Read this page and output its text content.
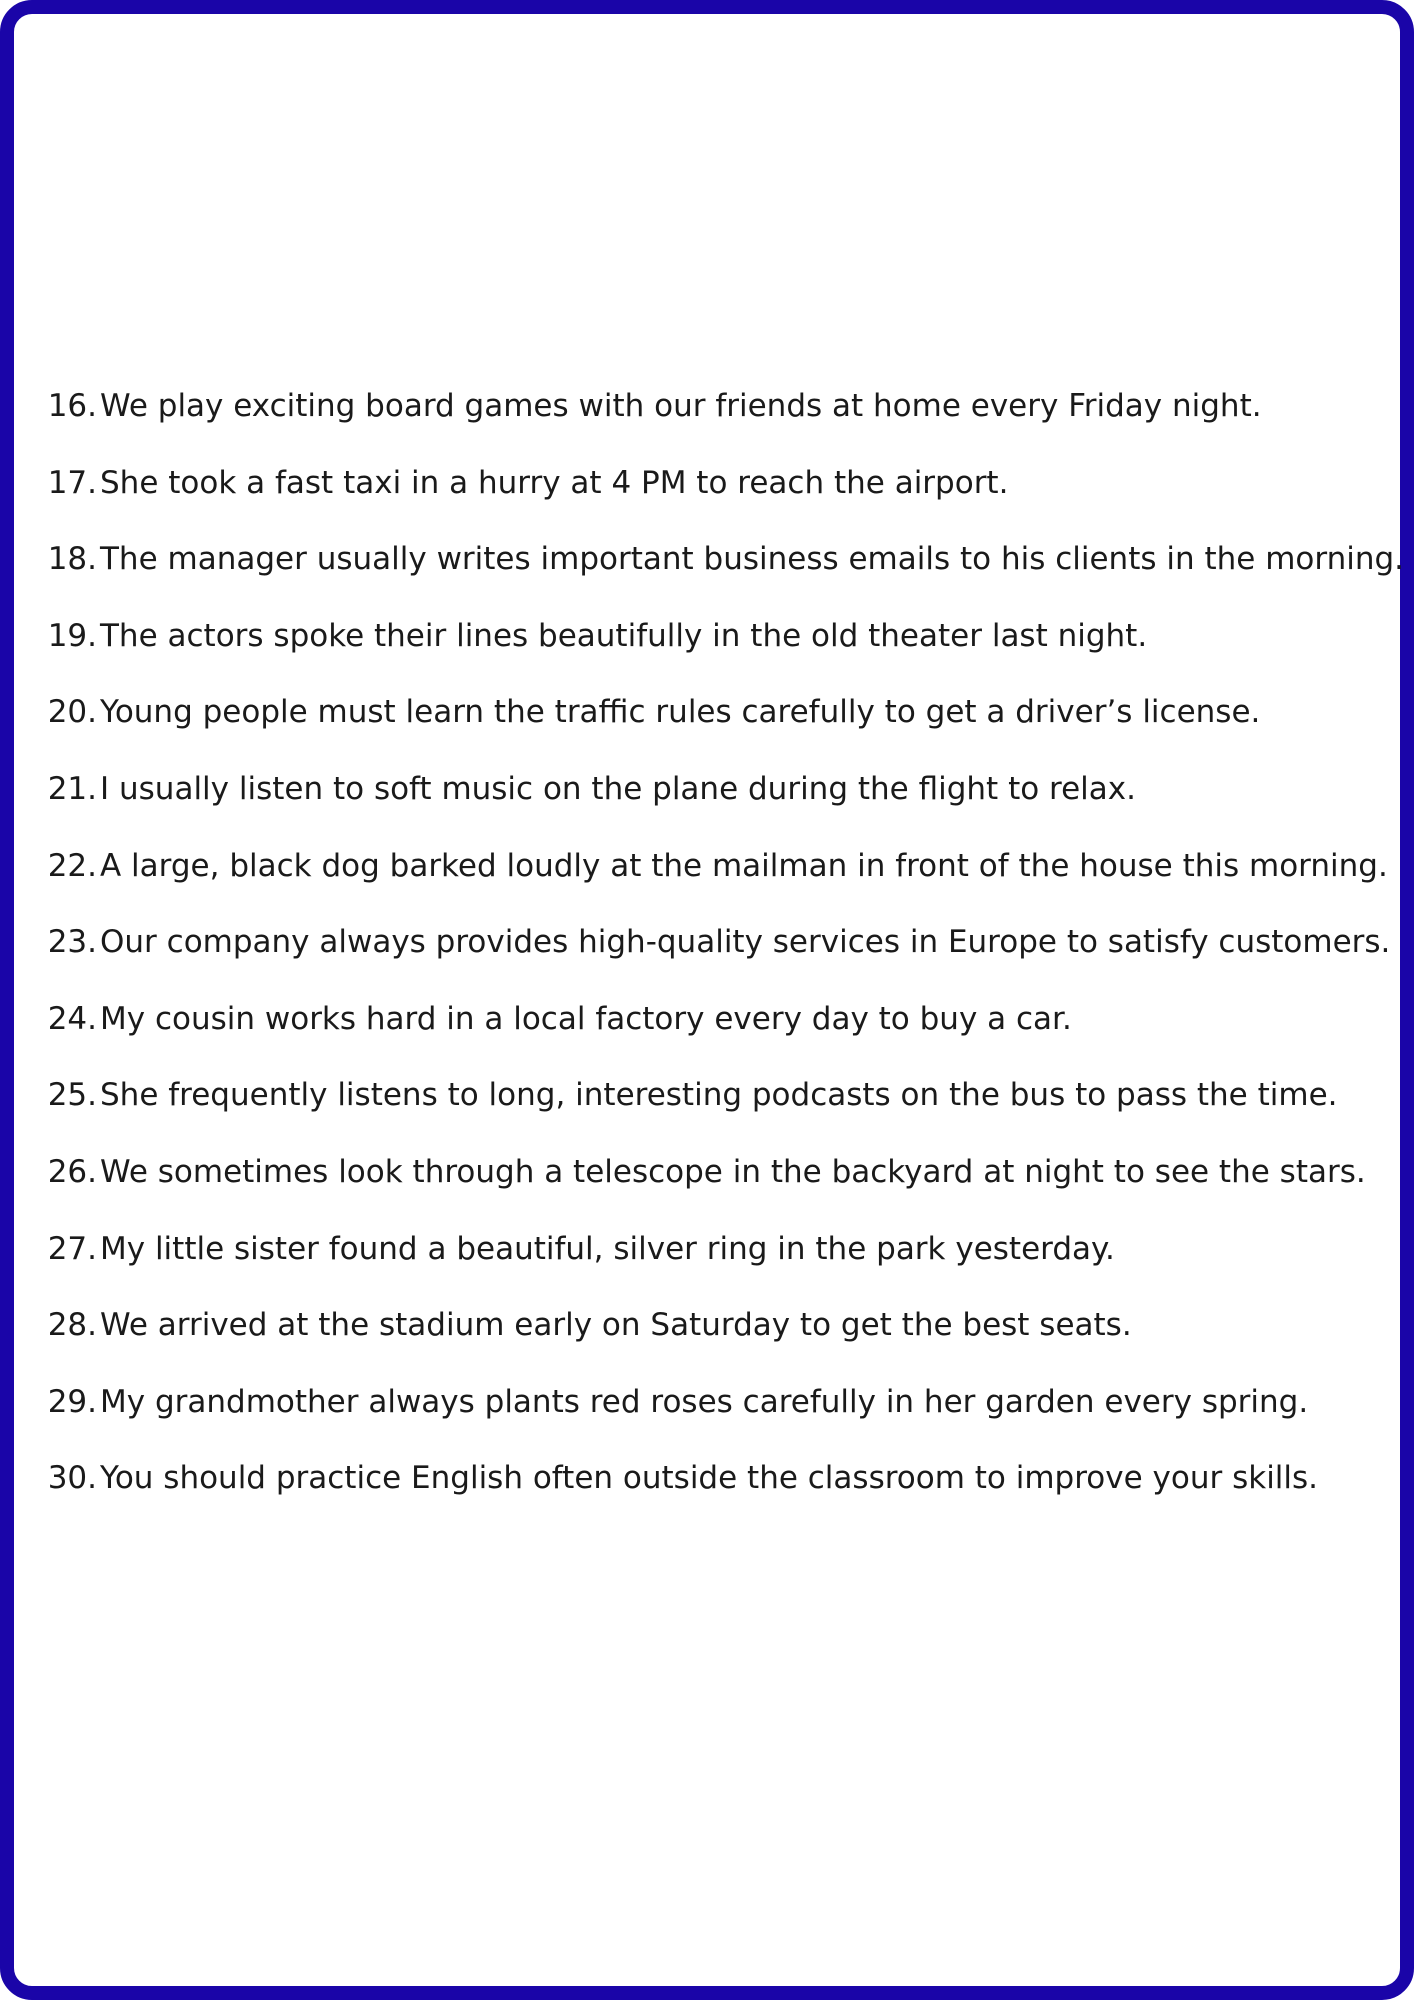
16. We play exciting board games with our friends at home every Friday night.
17. She took a fast taxi in a hurry at 4 PM to reach the airport.
18. The manager usually writes important business emails to his clients in the morning.
19. The actors spoke their lines beautifully in the old theater last night.
20. Young people must learn the traffic rules carefully to get a driver’s license.
21. I usually listen to soft music on the plane during the flight to relax.
22. A large, black dog barked loudly at the mailman in front of the house this morning.
23. Our company always provides high-quality services in Europe to satisfy customers.
24. My cousin works hard in a local factory every day to buy a car.
25. She frequently listens to long, interesting podcasts on the bus to pass the time.
26. We sometimes look through a telescope in the backyard at night to see the stars.
27. My little sister found a beautiful, silver ring in the park yesterday.
28. We arrived at the stadium early on Saturday to get the best seats.
29. My grandmother always plants red roses carefully in her garden every spring.
30. You should practice English often outside the classroom to improve your skills.
